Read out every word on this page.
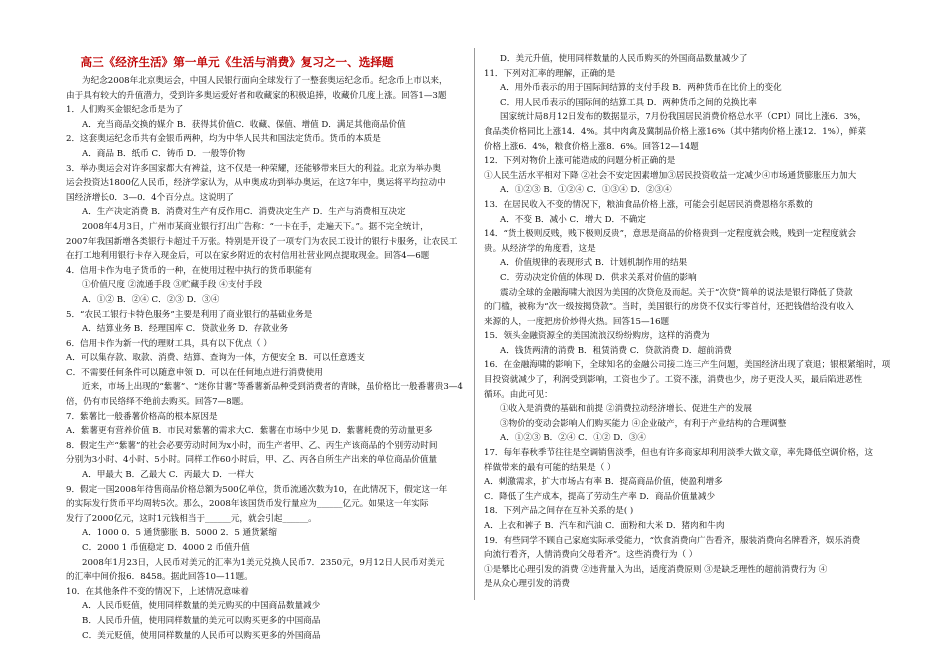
高三《经济生活》第一单元《生活与消费》复习之一、选择题
为纪念2008年北京奥运会，中国人民银行面向全球发行了一整套奥运纪念币。纪念币上市以来，
由于具有较大的升值潜力，受到许多奥运爱好者和收藏家的积极追捧，收藏价几度上涨。回答1—3题
1．人们购买金银纪念币是为了
A．充当商品交换的媒介 B．获得其价值C．收藏、保值、增值 D．满足其他商品价值
2．这套奥运纪念币共有金银币两种，均为中华人民共和国法定货币。货币的本质是
A．商品 B．纸币 C．铸币 D．一般等价物
3．举办奥运会对许多国家都大有裨益，这不仅是一种荣耀，还能够带来巨大的利益。北京为举办奥
运会投资达1800亿人民币，经济学家认为，从申奥成功到举办奥运，在这7年中，奥运将平均拉动中
国经济增长0．3—0．4个百分点。这说明了
A．生产决定消费 B．消费对生产有反作用C．消费决定生产 D．生产与消费相互决定
2008年4月3日，广州市某商业银行打出广告称：“一卡在手，走遍天下。”。据不完全统计，
2007年我国新增各类银行卡超过千万张。特别是开设了一项专门为农民工设计的银行卡服务，让农民工
在打工地利用银行卡存入现金后，可以在家乡附近的农村信用社营业网点提取现金。回答4—6题
4．信用卡作为电子货币的一种，在使用过程中执行的货币职能有
①价值尺度 ②流通手段 ③贮藏手段 ④支付手段
A．①② B．②④ C．②③ D．③④
5．“农民工银行卡特色服务”主要是利用了商业银行的基础业务是
A．结算业务 B．经理国库 C．贷款业务 D．存款业务
6．信用卡作为新一代的理财工具，具有以下优点（ ）
A．可以集存款、取款、消费、结算、查询为一体，方便安全 B．可以任意透支
C．不需要任何条件可以随意申领 D．可以在任何地点进行消费使用
近来，市场上出现的“紫薯”、“迷你甘薯”等番薯新品种受到消费者的青睐，虽价格比一般番薯贵3—4
倍，仍有市民络绎不绝前去购买。回答7—8题。
7．紫薯比一般番薯价格高的根本原因是
A．紫薯更有营养价值 B．市民对紫薯的需求大C．紫薯在市场中少见 D．紫薯耗费的劳动量更多
8．假定生产“紫薯”的社会必要劳动时间为x小时，而生产者甲、乙、丙生产该商品的个别劳动时间
分别为3小时、4小时、5小时。同样工作60小时后，甲、乙、丙各自所生产出来的单位商品价值量
A．甲最大 B．乙最大 C．丙最大 D．一样大
9．假定一国2008年待售商品价格总额为500亿单位，货币流通次数为10，在此情况下，假定这一年
的实际发行货币平均周转5次。那么，2008年该国货币发行量应为______亿元。如果这一年实际
发行了2000亿元，这时1元钱相当于______元，就会引起______。
A．1000 0．5 通货膨胀 B．5000 2．5 通货紧缩
C．2000 1 币值稳定 D．4000 2 币值升值
2008年1月23日，人民币对美元的汇率为1美元兑换人民币7．2350元，9月12日人民币对美元
的汇率中间价报6．8458。据此回答10—11题。
10．在其他条件不变的情况下，上述情况意味着
A．人民币贬值，使用同样数量的美元购买的中国商品数量减少
B．人民币升值，使用同样数量的美元可以购买更多的中国商品
C．美元贬值，使用同样数量的人民币可以购买更多的外国商品
D．美元升值，使用同样数量的人民币购买的外国商品数量减少了
11．下列对汇率的理解，正确的是
A．用外币表示的用于国际间结算的支付手段 B．两种货币在比价上的变化
C．用人民币表示的国际间的结算工具 D．两种货币之间的兑换比率
国家统计局8月12日发布的数据显示，7月份我国居民消费价格总水平（CPI）同比上涨6．3%，
食品类价格同比上涨14．4%。其中肉禽及冀制品价格上涨16%（其中猪肉价格上涨12．1%），鲜菜
价格上涨6．4%，粮食价格上涨8．6%。回答12—14题
12．下列对物价上涨可能造成的问题分析正确的是
①人民生活水平相对下降 ②社会不安定因素增加③居民投资收益一定减少④市场通货膨胀压力加大
A．①②③ B．①②④ C．①③④ D．②③④
13．在居民收入不变的情况下，粮油食品价格上涨，可能会引起居民消费恩格尔系数的
A．不变 B．减小 C．增大 D．不确定
14．“货土极则反贱，贱下极则反贵”，意思是商品的价格贵到一定程度就会贱，贱到一定程度就会
贵。从经济学的角度看，这是
A．价值规律的表现形式 B．计划机制作用的结果
C．劳动决定价值的体现 D．供求关系对价值的影响
震动全球的金融海啸大浪因为美国的次贷危及而起。关于“次贷”简单的说法是银行降低了贷款
的门槛，被称为“次一级按揭贷款”。当时，美国银行的房贷不仅实行零首付，还把钱借给没有收入
来源的人，一度把房价炒得火热。回答15—16题
15．领头金融资源全的美国流浪汉纷纷购房，这样的消费为
A．钱货两清的消费 B．租赁消费 C．贷款消费 D．超前消费
16．在金融海啸的影响下，全球知名的金融公司接二连三产生问题，美国经济出现了衰退；银根紧缩时，项
目投资就减少了，利润受到影响，工资也少了。工资不涨，消费也少，房子更没人买，最后陷进恶性
循环。由此可见：
①收入是消费的基础和前提 ②消费拉动经济增长、促进生产的发展
③物价的变动会影响人们购买能力 ④企业破产，有利于产业结构的合理调整
A．①②③ B．②④ C．①② D．③④
17．每年春秋季节往往是空调销售淡季，但也有许多商家却利用淡季大做文章，率先降低空调价格，这
样做带来的最有可能的结果是（ ）
A．刺激需求，扩大市场占有率 B．提高商品价值，使盈利增多
C．降低了生产成本，提高了劳动生产率 D．商品价值量减少
18．下列产品之间存在互补关系的是( )
A．上衣和裤子 B．汽车和汽油 C．面粉和大米 D．猪肉和牛肉
19．有些同学不顾自己家庭实际承受能力，“饮食消费向广告看齐，服装消费向名牌看齐，娱乐消费
向流行看齐，人情消费向父母看齐”。这些消费行为（ ）
①是攀比心理引发的消费 ②违背量入为出，适度消费原则 ③是缺乏理性的超前消费行为 ④
是从众心理引发的消费
